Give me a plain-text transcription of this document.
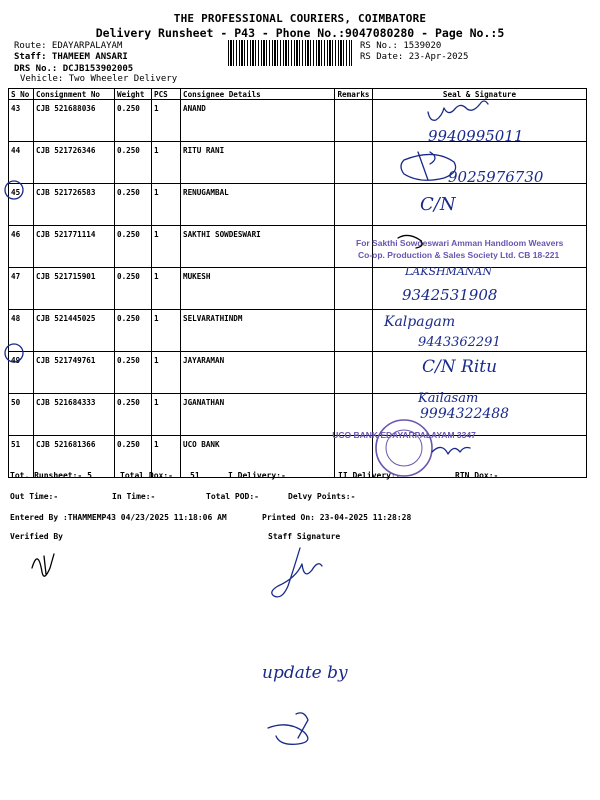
THE PROFESSIONAL COURIERS, COIMBATORE
Delivery Runsheet - P43 - Phone No.:9047080280 - Page No.:5
Route: EDAYARPALAYAM
Staff: THAMEEM ANSARI
DRS No.: DCJB153902005
Vehicle: Two Wheeler Delivery
RS No.: 1539020
RS Date: 23-Apr-2025
S No	Consignment No	Weight	PCS	Consignee Details	Remarks	Seal & Signature
43	CJB 521688036	0.250	1	ANAND		
44	CJB 521726346	0.250	1	RITU RANI		
45	CJB 521726583	0.250	1	RENUGAMBAL		
46	CJB 521771114	0.250	1	SAKTHI SOWDESWARI		
47	CJB 521715901	0.250	1	MUKESH		
48	CJB 521445025	0.250	1	SELVARATHINDM		
49	CJB 521749761	0.250	1	JAYARAMAN		
50	CJB 521684333	0.250	1	JGANATHAN		
51	CJB 521681366	0.250	1	UCO BANK		
Tot. Runsheet:- 5	Total Dox:- 51	I Delivery:-	II Delivery:-	RTN Dox:-
Out Time:-	In Time:-	Total POD:-	Delvy Points:-
Entered By :THAMMEMP43 04/23/2025 11:18:06 AM	Printed On: 23-04-2025 11:28:28
Verified By	Staff Signature
9940995011
9025976730
C/N
For Sakthi Sowdeswari Amman Handloom Weavers
Co-op. Production & Sales Society Ltd. CB 18-221
LAKSHMANAN
9342531908
Kalpagam
9443362291
C/N Ritu
Kailasam
9994322488
UCO BANK EDAYARPALAYAM 3347
update by
